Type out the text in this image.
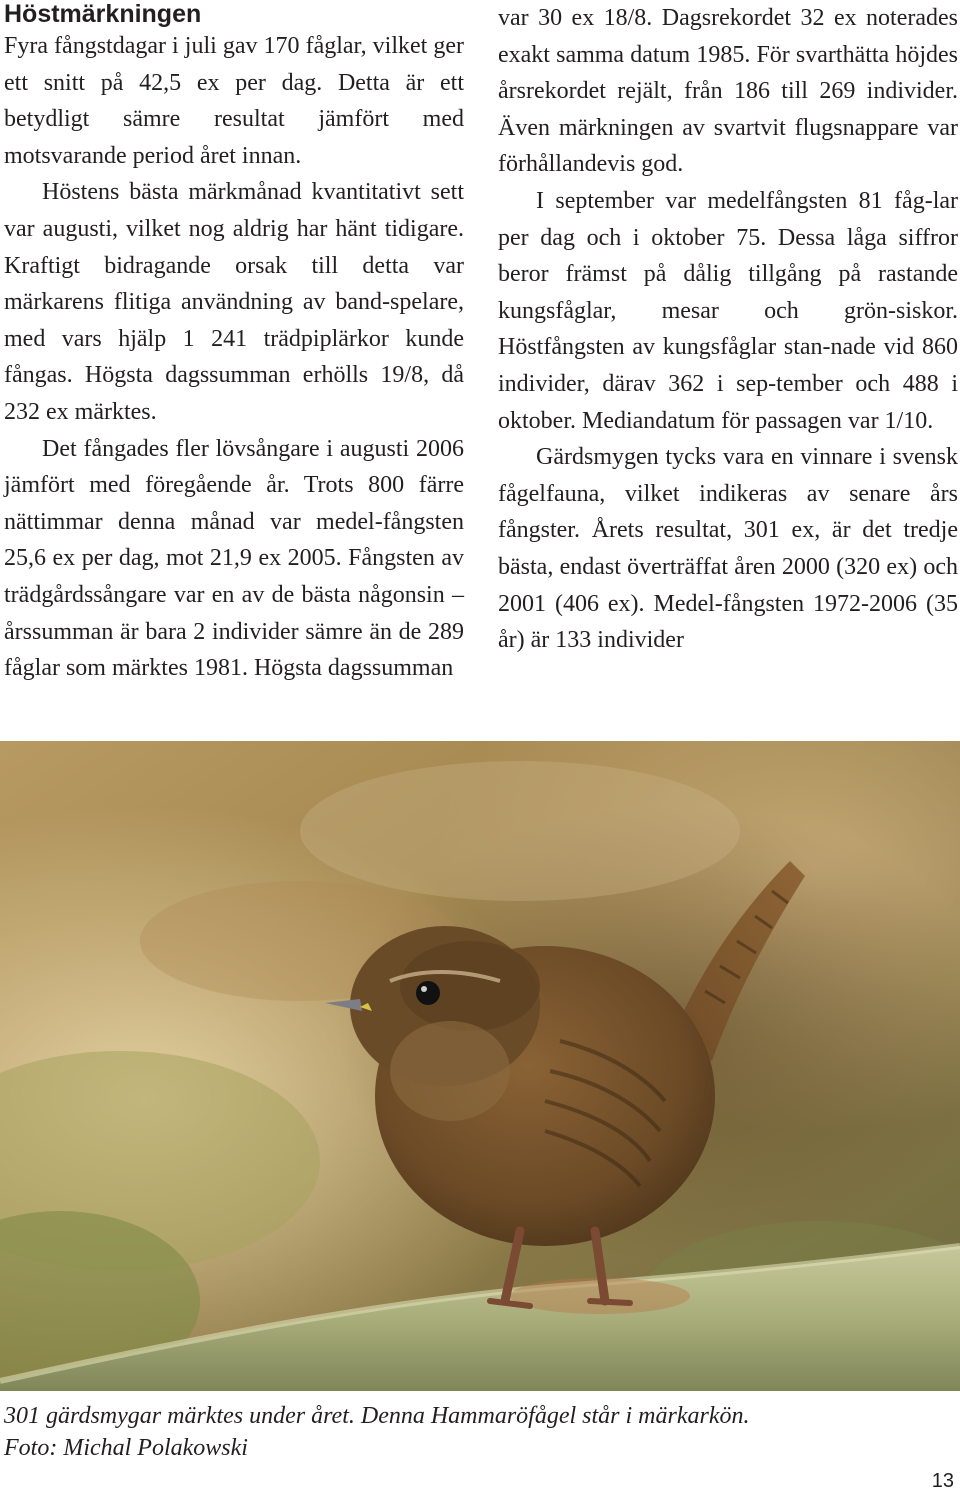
Höstmärkningen

Fyra fångstdagar i juli gav 170 fåglar, vilket ger ett snitt på 42,5 ex per dag. Detta är ett betydligt sämre resultat jämfört med motsvarande period året innan.

Höstens bästa märkmånad kvantitativt sett var augusti, vilket nog aldrig har hänt tidigare. Kraftigt bidragande orsak till detta var märkarens flitiga användning av band-spelare, med vars hjälp 1 241 trädpiplärkor kunde fångas. Högsta dagssumman erhölls 19/8, då 232 ex märktes.

Det fångades fler lövsångare i augusti 2006 jämfört med föregående år. Trots 800 färre nättimmar denna månad var medel-fångsten 25,6 ex per dag, mot 21,9 ex 2005. Fångsten av trädgårdssångare var en av de bästa någonsin – årssumman är bara 2 individer sämre än de 289 fåglar som märktes 1981. Högsta dagssumman

var 30 ex 18/8. Dagsrekordet 32 ex noterades exakt samma datum 1985. För svarthätta höjdes årsrekordet rejält, från 186 till 269 individer. Även märkningen av svartvit flugsnappare var förhållandevis god.

I september var medelfångsten 81 fåg-lar per dag och i oktober 75. Dessa låga siffror beror främst på dålig tillgång på rastande kungsfåglar, mesar och grön-siskor. Höstfångsten av kungsfåglar stan-nade vid 860 individer, därav 362 i sep-tember och 488 i oktober. Mediandatum för passagen var 1/10.

Gärdsmygen tycks vara en vinnare i svensk fågelfauna, vilket indikeras av senare års fångster. Årets resultat, 301 ex, är det tredje bästa, endast överträffat åren 2000 (320 ex) och 2001 (406 ex). Medel-fångsten 1972-2006 (35 år) är 133 individer

301 gärdsmygar märktes under året. Denna Hammaröfågel står i märkarkön.
Foto: Michal Polakowski

13
